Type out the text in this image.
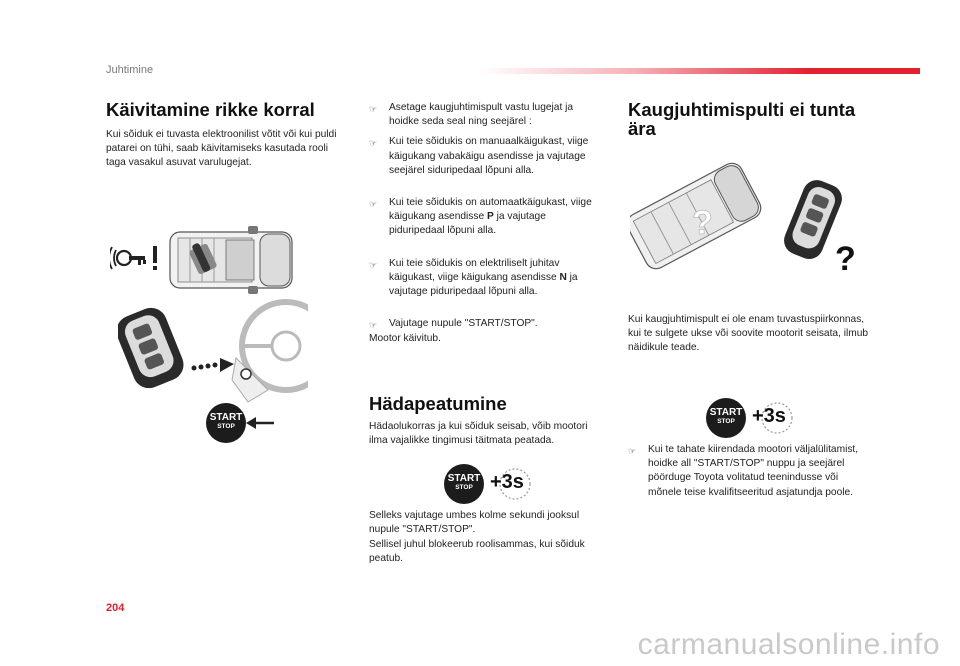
Juhtimine
Käivitamine rikke korral

Kui sõiduk ei tuvasta elektroonilist võtit või kui puldi patarei on tühi, saab käivitamiseks kasutada rooli taga vasakul asuvat varulugejat.

START
STOP
☞	Asetage kaugjuhtimispult vastu lugejat ja hoidke seda seal ning seejärel :
☞	Kui teie sõidukis on manuaalkäigukast, viige käigukang vabakäigu asendisse ja vajutage seejärel siduripedaal lõpuni alla.
☞	Kui teie sõidukis on automaatkäigukast, viige käigukang asendisse P ja vajutage piduripedaal lõpuni alla.
☞	Kui teie sõidukis on elektriliselt juhitav käigukast, viige käigukang asendisse N ja vajutage piduripedaal lõpuni alla.
☞	Vajutage nupule "START/STOP".

Mootor käivitub.

Hädapeatumine

Hädaolukorras ja kui sõiduk seisab, võib mootori ilma vajalikke tingimusi täitmata peatada.

START
STOP +3s

Selleks vajutage umbes kolme sekundi jooksul nupule "START/STOP".

Sellisel juhul blokeerub roolisammas, kui sõiduk peatub.

Kaugjuhtimispulti ei tunta
ära
?
?

Kui kaugjuhtimispult ei ole enam tuvastuspiirkonnas, kui te sulgete ukse või soovite mootorit seisata, ilmub näidikule teade.

START
STOP +3s
☞	Kui te tahate kiirendada mootori väljalülitamist, hoidke all "START/STOP" nuppu ja seejärel pöörduge Toyota volitatud teenindusse või mõnele teise kvalifitseeritud asjatundja poole.
204
carmanualsonline.info
